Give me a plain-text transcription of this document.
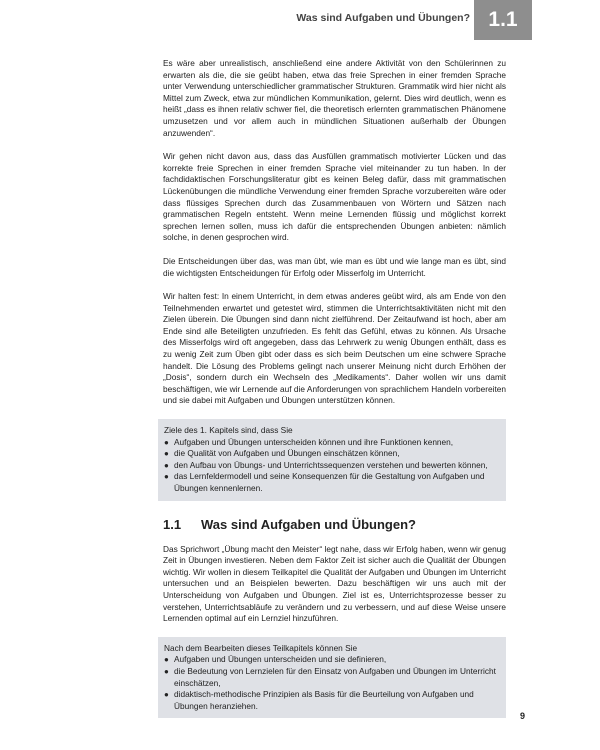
Was sind Aufgaben und Übungen? 1.1

Es wäre aber unrealistisch, anschließend eine andere Aktivität von den Schülerinnen zu erwarten als die, die sie geübt haben, etwa das freie Sprechen in einer fremden Sprache unter Verwendung unterschiedlicher grammatischer Strukturen. Grammatik wird hier nicht als Mittel zum Zweck, etwa zur mündlichen Kommunikation, gelernt. Dies wird deutlich, wenn es heißt „dass es ihnen relativ schwer fiel, die theoretisch erlernten grammatischen Phänomene umzusetzen und vor allem auch in mündlichen Situationen außerhalb der Übungen anzuwenden“.

Wir gehen nicht davon aus, dass das Ausfüllen grammatisch motivierter Lücken und das korrekte freie Sprechen in einer fremden Sprache viel miteinander zu tun haben. In der fachdidaktischen Forschungsliteratur gibt es keinen Beleg dafür, dass mit grammatischen Lückenübungen die mündliche Verwendung einer fremden Sprache vorzubereiten wäre oder dass flüssiges Sprechen durch das Zusammenbauen von Wörtern und Sätzen nach grammatischen Regeln entsteht. Wenn meine Lernenden flüssig und möglichst korrekt sprechen lernen sollen, muss ich dafür die entsprechenden Übungen anbieten: nämlich solche, in denen gesprochen wird.

Die Entscheidungen über das, was man übt, wie man es übt und wie lange man es übt, sind die wichtigsten Entscheidungen für Erfolg oder Misserfolg im Unterricht.

Wir halten fest: In einem Unterricht, in dem etwas anderes geübt wird, als am Ende von den Teilnehmenden erwartet und getestet wird, stimmen die Unterrichtsaktivitäten nicht mit den Zielen überein. Die Übungen sind dann nicht zielführend. Der Zeitaufwand ist hoch, aber am Ende sind alle Beteiligten unzufrieden. Es fehlt das Gefühl, etwas zu können. Als Ursache des Misserfolgs wird oft angegeben, dass das Lehrwerk zu wenig Übungen enthält, dass es zu wenig Zeit zum Üben gibt oder dass es sich beim Deutschen um eine schwere Sprache handelt. Die Lösung des Problems gelingt nach unserer Meinung nicht durch Erhöhen der „Dosis“, sondern durch ein Wechseln des „Medikaments“. Daher wollen wir uns damit beschäftigen, wie wir Lernende auf die Anforderungen von sprachlichem Handeln vorbereiten und sie dabei mit Aufgaben und Übungen unterstützen können.

Ziele des 1. Kapitels sind, dass Sie
● Aufgaben und Übungen unterscheiden können und ihre Funktionen kennen,
● die Qualität von Aufgaben und Übungen einschätzen können,
● den Aufbau von Übungs- und Unterrichtssequenzen verstehen und bewerten können,
● das Lernfeldermodell und seine Konsequenzen für die Gestaltung von Aufgaben und Übungen kennenlernen.
1.1	Was sind Aufgaben und Übungen?

Das Sprichwort „Übung macht den Meister“ legt nahe, dass wir Erfolg haben, wenn wir genug Zeit in Übungen investieren. Neben dem Faktor Zeit ist sicher auch die Qualität der Übungen wichtig. Wir wollen in diesem Teilkapitel die Qualität der Aufgaben und Übungen im Unterricht untersuchen und an Beispielen bewerten. Dazu beschäftigen wir uns auch mit der Unterscheidung von Aufgaben und Übungen. Ziel ist es, Unterrichtsprozesse besser zu verstehen, Unterrichtsabläufe zu verändern und zu verbessern, und auf diese Weise unsere Lernenden optimal auf ein Lernziel hinzuführen.

Nach dem Bearbeiten dieses Teilkapitels können Sie
● Aufgaben und Übungen unterscheiden und sie definieren,
● die Bedeutung von Lernzielen für den Einsatz von Aufgaben und Übungen im Unterricht einschätzen,
● didaktisch-methodische Prinzipien als Basis für die Beurteilung von Aufgaben und Übungen heranziehen.
9
